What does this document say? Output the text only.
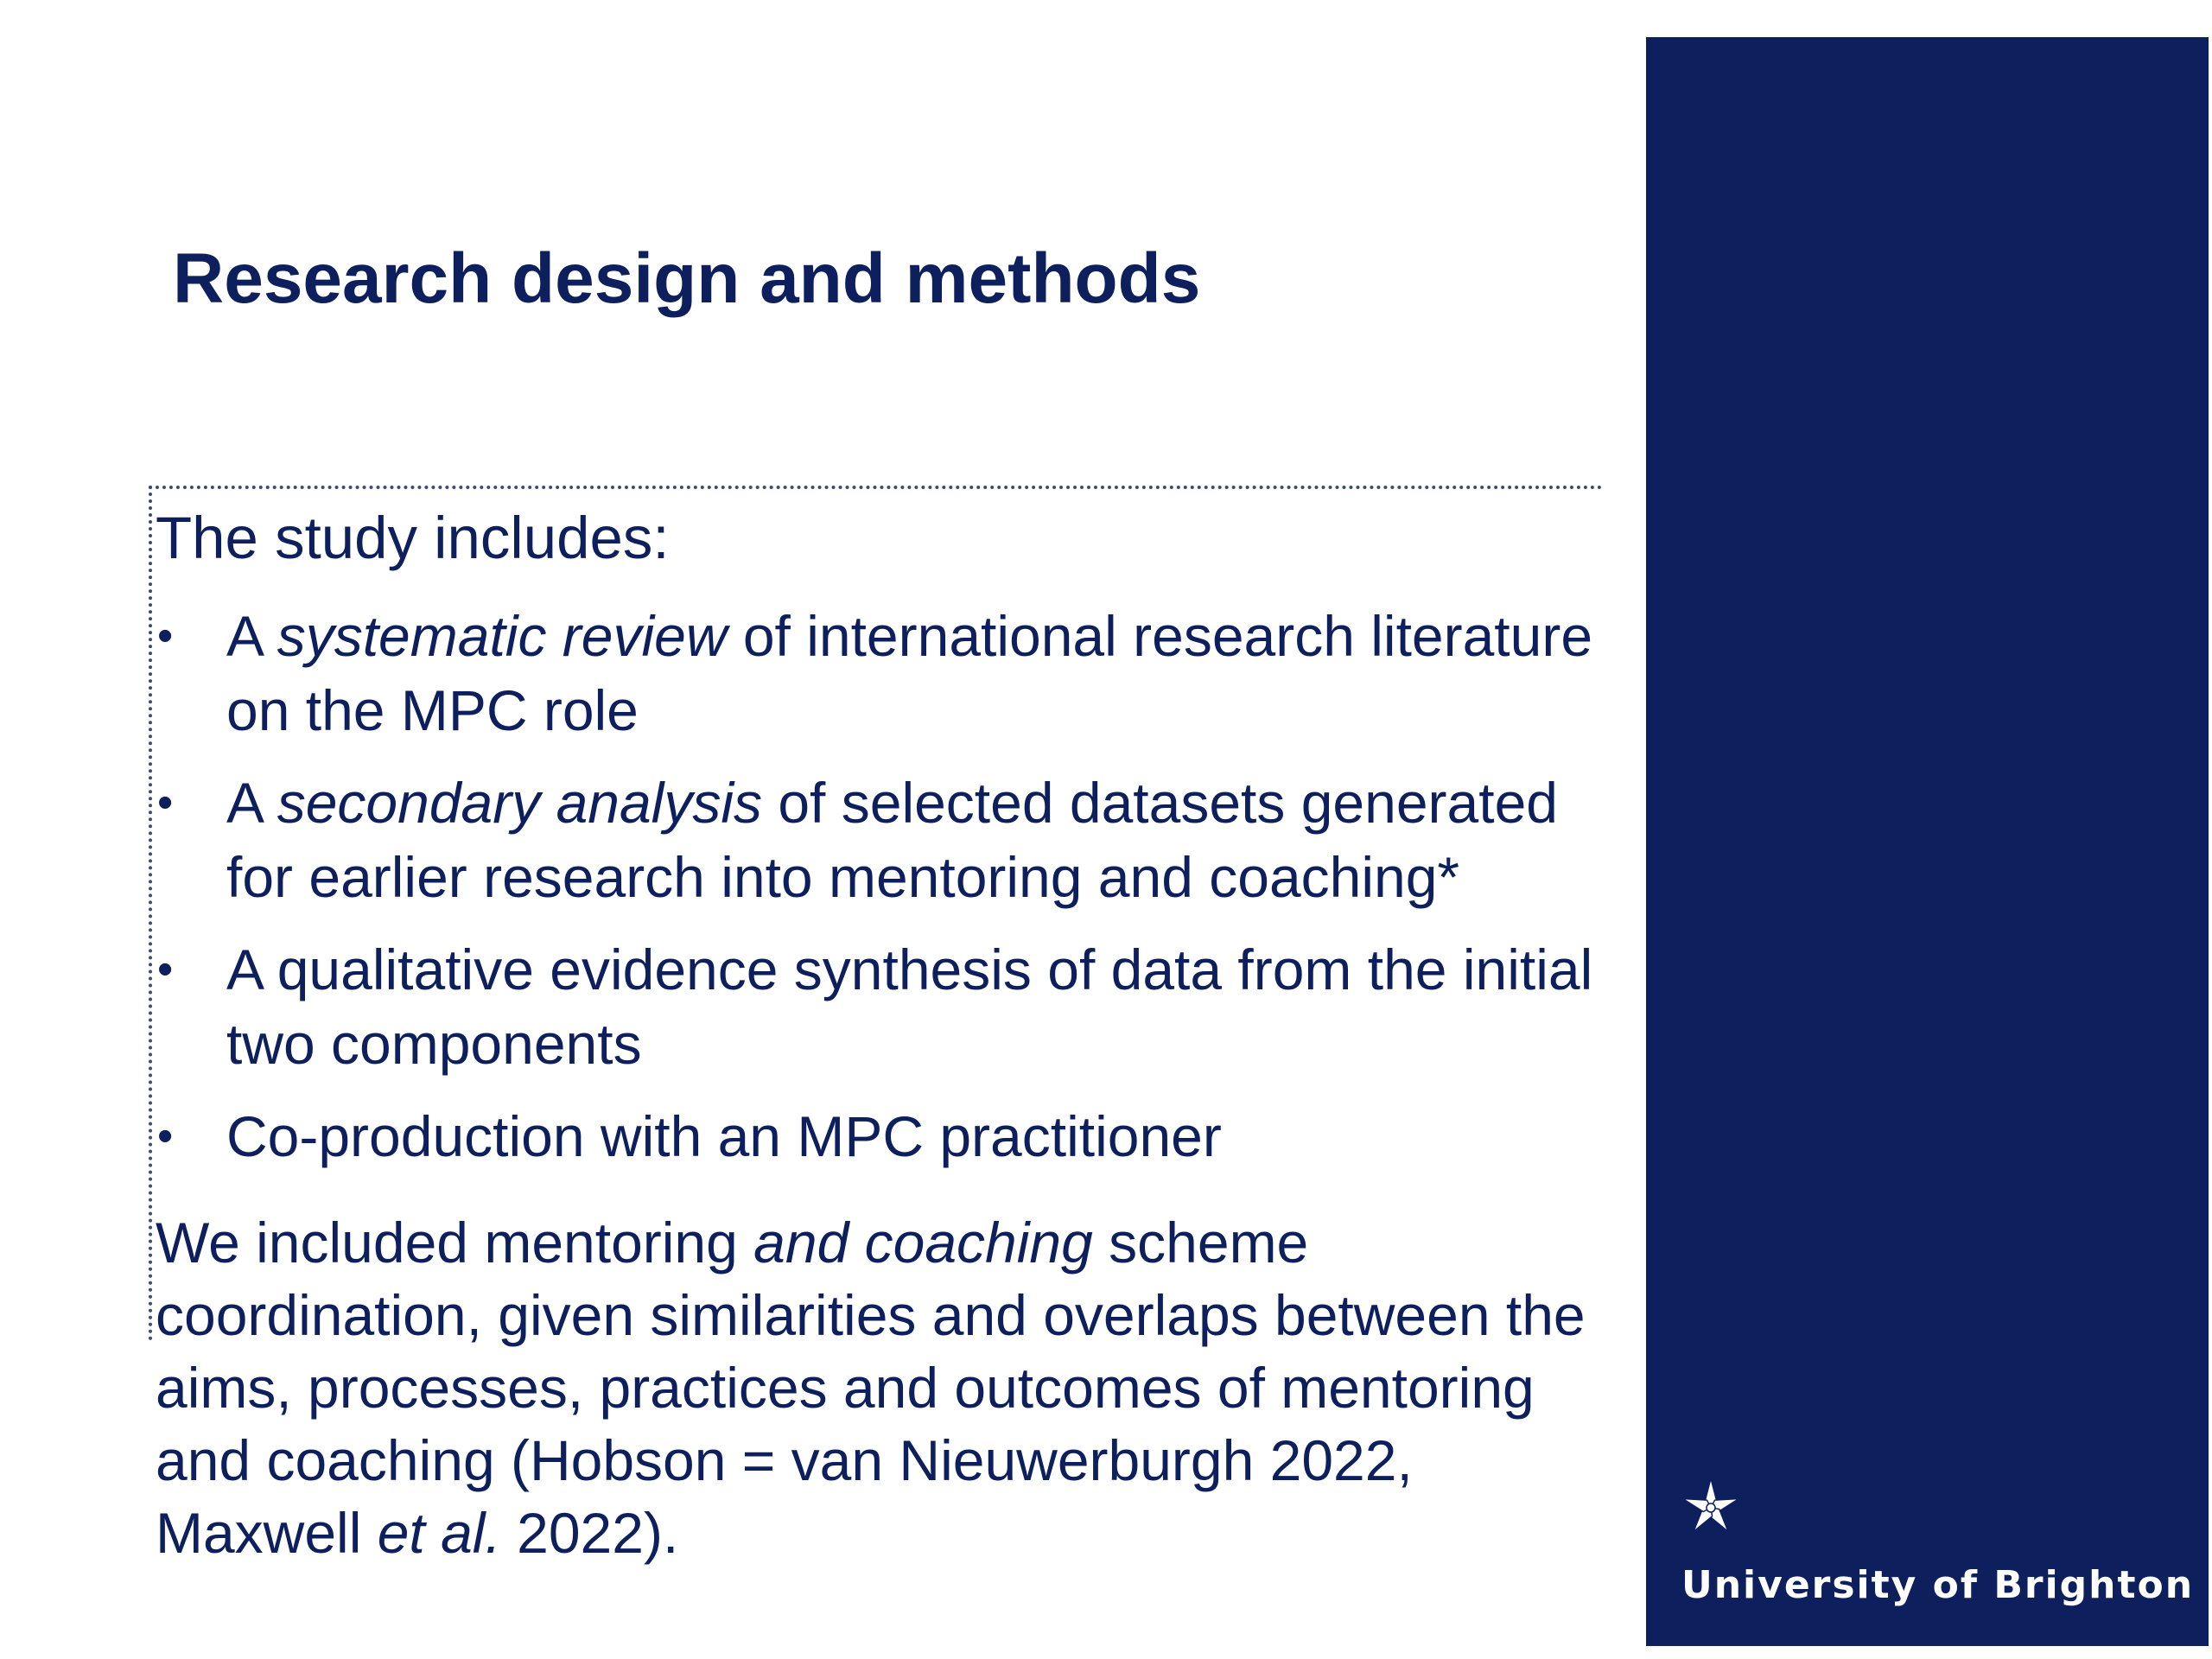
Research design and methods

The study includes:

• A systematic review of international research literature on the MPC role
• A secondary analysis of selected datasets generated for earlier research into mentoring and coaching*
• A qualitative evidence synthesis of data from the initial two components
• Co-production with an MPC practitioner

We included mentoring and coaching scheme coordination, given similarities and overlaps between the aims, processes, practices and outcomes of mentoring and coaching (Hobson = van Nieuwerburgh 2022, Maxwell et al. 2022).

University of Brighton
